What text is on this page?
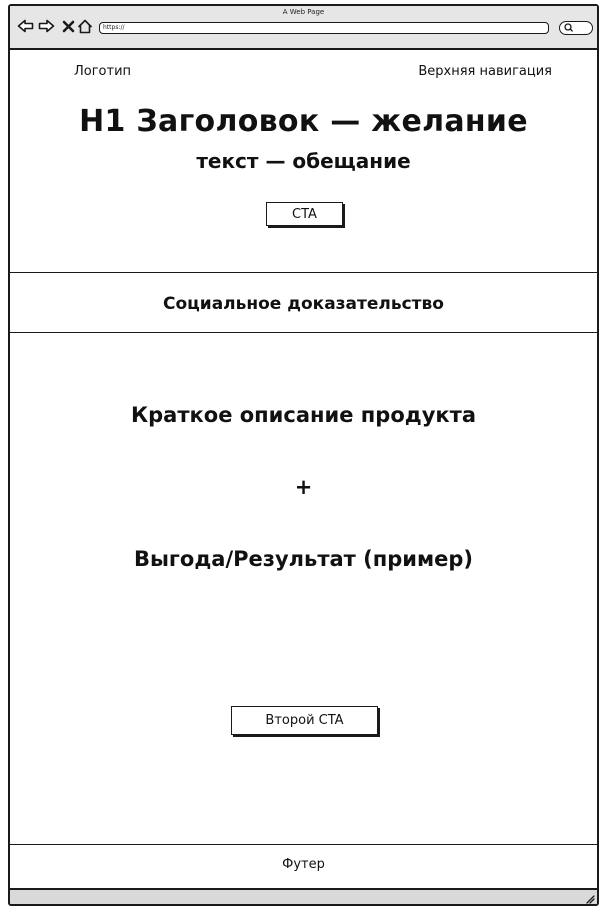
A Web Page
https://
Логотип	Верхняя навигация
H1 Заголовок — желание
текст — обещание
CTA
Социальное доказательство
Краткое описание продукта
+
Выгода/Результат (пример)
Второй CTA
Футер
